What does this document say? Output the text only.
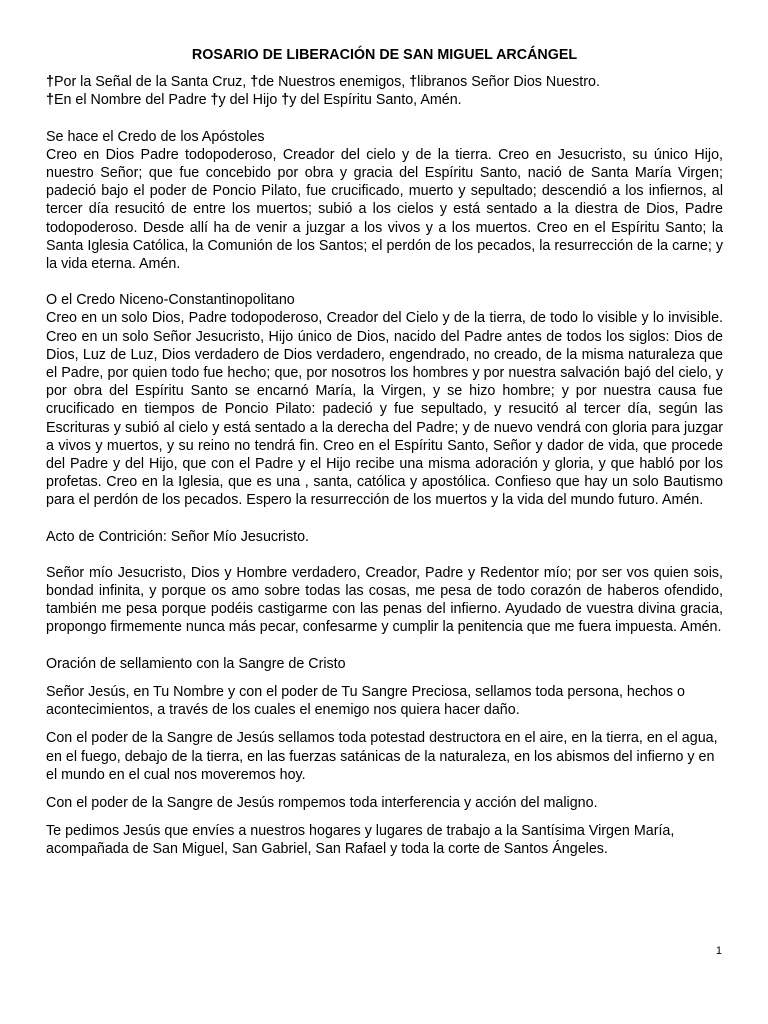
ROSARIO DE LIBERACIÓN DE SAN MIGUEL ARCÁNGEL

†Por la Señal de la Santa Cruz, †de Nuestros enemigos, †libranos Señor Dios Nuestro.

†En el Nombre del Padre †y del Hijo †y del Espíritu Santo, Amén.

Se hace el Credo de los Apóstoles

Creo en Dios Padre todopoderoso, Creador del cielo y de la tierra. Creo en Jesucristo, su único Hijo, nuestro Señor; que fue concebido por obra y gracia del Espíritu Santo, nació de Santa María Virgen; padeció bajo el poder de Poncio Pilato, fue crucificado, muerto y sepultado; descendió a los infiernos, al tercer día resucitó de entre los muertos; subió a los cielos y está sentado a la diestra de Dios, Padre todopoderoso. Desde allí ha de venir a juzgar a los vivos y a los muertos. Creo en el Espíritu Santo; la Santa Iglesia Católica, la Comunión de los Santos; el perdón de los pecados, la resurrección de la carne; y la vida eterna. Amén.

O el Credo Niceno-Constantinopolitano

Creo en un solo Dios, Padre todopoderoso, Creador del Cielo y de la tierra, de todo lo visible y lo invisible. Creo en un solo Señor Jesucristo, Hijo único de Dios, nacido del Padre antes de todos los siglos: Dios de Dios, Luz de Luz, Dios verdadero de Dios verdadero, engendrado, no creado, de la misma naturaleza que el Padre, por quien todo fue hecho; que, por nosotros los hombres y por nuestra salvación bajó del cielo, y por obra del Espíritu Santo se encarnó María, la Virgen, y se hizo hombre; y por nuestra causa fue crucificado en tiempos de Poncio Pilato: padeció y fue sepultado, y resucitó al tercer día, según las Escrituras y subió al cielo y está sentado a la derecha del Padre; y de nuevo vendrá con gloria para juzgar a vivos y muertos, y su reino no tendrá fin. Creo en el Espíritu Santo, Señor y dador de vida, que procede del Padre y del Hijo, que con el Padre y el Hijo recibe una misma adoración y gloria, y que habló por los profetas. Creo en la Iglesia, que es una , santa, católica y apostólica. Confieso que hay un solo Bautismo para el perdón de los pecados. Espero la resurrección de los muertos y la vida del mundo futuro. Amén.

Acto de Contrición: Señor Mío Jesucristo.

Señor mío Jesucristo, Dios y Hombre verdadero, Creador, Padre y Redentor mío; por ser vos quien sois, bondad infinita, y porque os amo sobre todas las cosas, me pesa de todo corazón de haberos ofendido, también me pesa porque podéis castigarme con las penas del infierno. Ayudado de vuestra divina gracia, propongo firmemente nunca más pecar, confesarme y cumplir la penitencia que me fuera impuesta. Amén.

Oración de sellamiento con la Sangre de Cristo

Señor Jesús, en Tu Nombre y con el poder de Tu Sangre Preciosa, sellamos toda persona, hechos o acontecimientos, a través de los cuales el enemigo nos quiera hacer daño.

Con el poder de la Sangre de Jesús sellamos toda potestad destructora en el aire, en la tierra, en el agua, en el fuego, debajo de la tierra, en las fuerzas satánicas de la naturaleza, en los abismos del infierno y en el mundo en el cual nos moveremos hoy.

Con el poder de la Sangre de Jesús rompemos toda interferencia y acción del maligno.

Te pedimos Jesús que envíes a nuestros hogares y lugares de trabajo a la Santísima Virgen María, acompañada de San Miguel, San Gabriel, San Rafael y toda la corte de Santos Ángeles.

1
